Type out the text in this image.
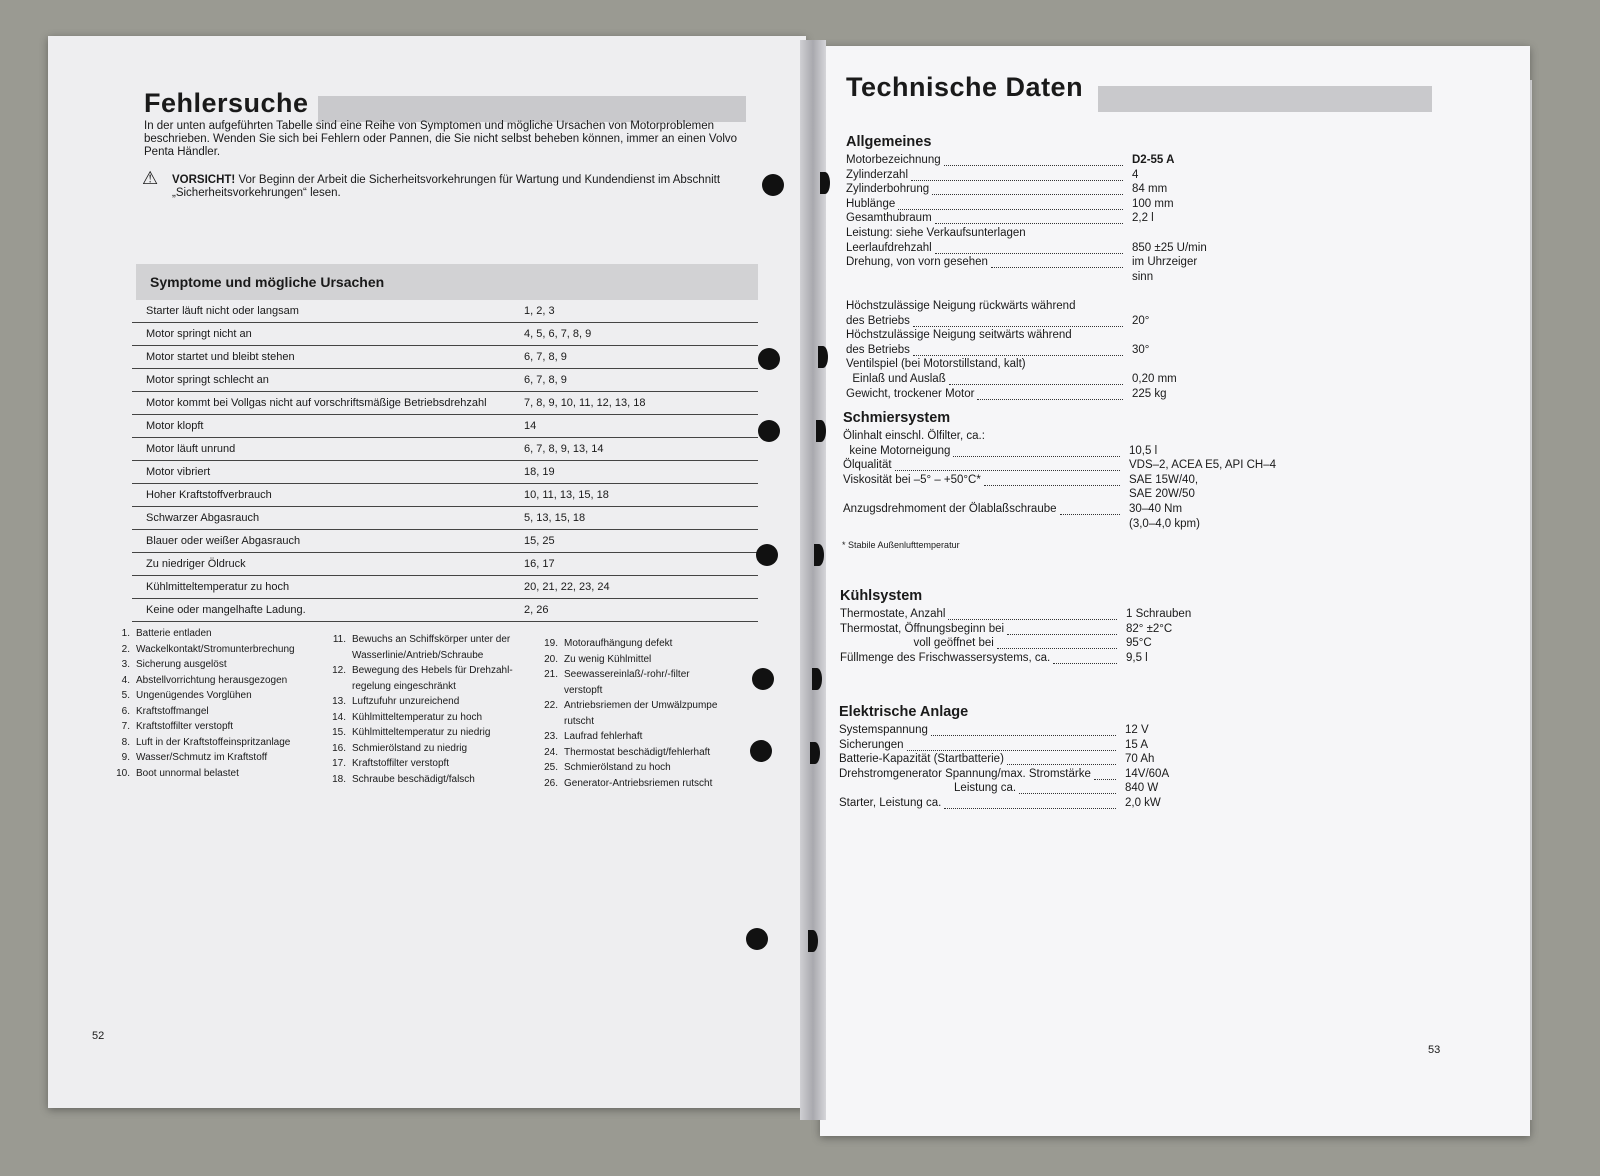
Fehlersuche
In der unten aufgeführten Tabelle sind eine Reihe von Symptomen und mögliche Ursachen von Motorproblemen beschrieben. Wenden Sie sich bei Fehlern oder Pannen, die Sie nicht selbst beheben können, immer an einen Volvo Penta Händler.
⚠ VORSICHT! Vor Beginn der Arbeit die Sicherheitsvorkehrungen für Wartung und Kundendienst im Abschnitt „Sicherheitsvorkehrungen“ lesen.
Symptome und mögliche Ursachen
Starter läuft nicht oder langsam	1, 2, 3
Motor springt nicht an	4, 5, 6, 7, 8, 9
Motor startet und bleibt stehen	6, 7, 8, 9
Motor springt schlecht an	6, 7, 8, 9
Motor kommt bei Vollgas nicht auf vorschriftsmäßige Betriebsdrehzahl	7, 8, 9, 10, 11, 12, 13, 18
Motor klopft	14
Motor läuft unrund	6, 7, 8, 9, 13, 14
Motor vibriert	18, 19
Hoher Kraftstoffverbrauch	10, 11, 13, 15, 18
Schwarzer Abgasrauch	5, 13, 15, 18
Blauer oder weißer Abgasrauch	15, 25
Zu niedriger Öldruck	16, 17
Kühlmitteltemperatur zu hoch	20, 21, 22, 23, 24
Keine oder mangelhafte Ladung.	2, 26
1. Batterie entladen
2. Wackelkontakt/Stromunterbrechung
3. Sicherung ausgelöst
4. Abstellvorrichtung herausgezogen
5. Ungenügendes Vorglühen
6. Kraftstoffmangel
7. Kraftstoffilter verstopft
8. Luft in der Kraftstoffeinspritzanlage
9. Wasser/Schmutz im Kraftstoff
10. Boot unnormal belastet
11. Bewuchs an Schiffskörper unter der
Wasserlinie/Antrieb/Schraube
12. Bewegung des Hebels für Drehzahl-
regelung eingeschränkt
13. Luftzufuhr unzureichend
14. Kühlmitteltemperatur zu hoch
15. Kühlmitteltemperatur zu niedrig
16. Schmierölstand zu niedrig
17. Kraftstoffilter verstopft
18. Schraube beschädigt/falsch
19. Motoraufhängung defekt
20. Zu wenig Kühlmittel
21. Seewassereinlaß/-rohr/-filter
verstopft
22. Antriebsriemen der Umwälzpumpe
rutscht
23. Laufrad fehlerhaft
24. Thermostat beschädigt/fehlerhaft
25. Schmierölstand zu hoch
26. Generator-Antriebsriemen rutscht
52
Technische Daten
Allgemeines
Motorbezeichnung	D2-55 A
Zylinderzahl	4
Zylinderbohrung	84 mm
Hublänge	100 mm
Gesamthubraum	2,2 l
Leistung: siehe Verkaufsunterlagen
Leerlaufdrehzahl	850 ±25 U/min
Drehung, von vorn gesehen	im Uhrzeiger
sinn
Höchstzulässige Neigung rückwärts während
des Betriebs	20°
Höchstzulässige Neigung seitwärts während
des Betriebs	30°
Ventilspiel (bei Motorstillstand, kalt)
Einlaß und Auslaß	0,20 mm
Gewicht, trockener Motor	225 kg
Schmiersystem
Ölinhalt einschl. Ölfilter, ca.:
keine Motorneigung	10,5 l
Ölqualität	VDS–2, ACEA E5, API CH–4
Viskosität bei –5° – +50°C*	SAE 15W/40,
SAE 20W/50
Anzugsdrehmoment der Ölablaßschraube	30–40 Nm
(3,0–4,0 kpm)
Kühlsystem
Thermostate, Anzahl	1 Schrauben
Thermostat, Öffnungsbeginn bei	82° ±2°C
voll geöffnet bei	95°C
Füllmenge des Frischwassersystems, ca.	9,5 l
Elektrische Anlage
Systemspannung	12 V
Sicherungen	15 A
Batterie-Kapazität (Startbatterie)	70 Ah
Drehstromgenerator Spannung/max. Stromstärke	14V/60A
Leistung ca.	840 W
Starter, Leistung ca.	2,0 kW
* Stabile Außenlufttemperatur
53
